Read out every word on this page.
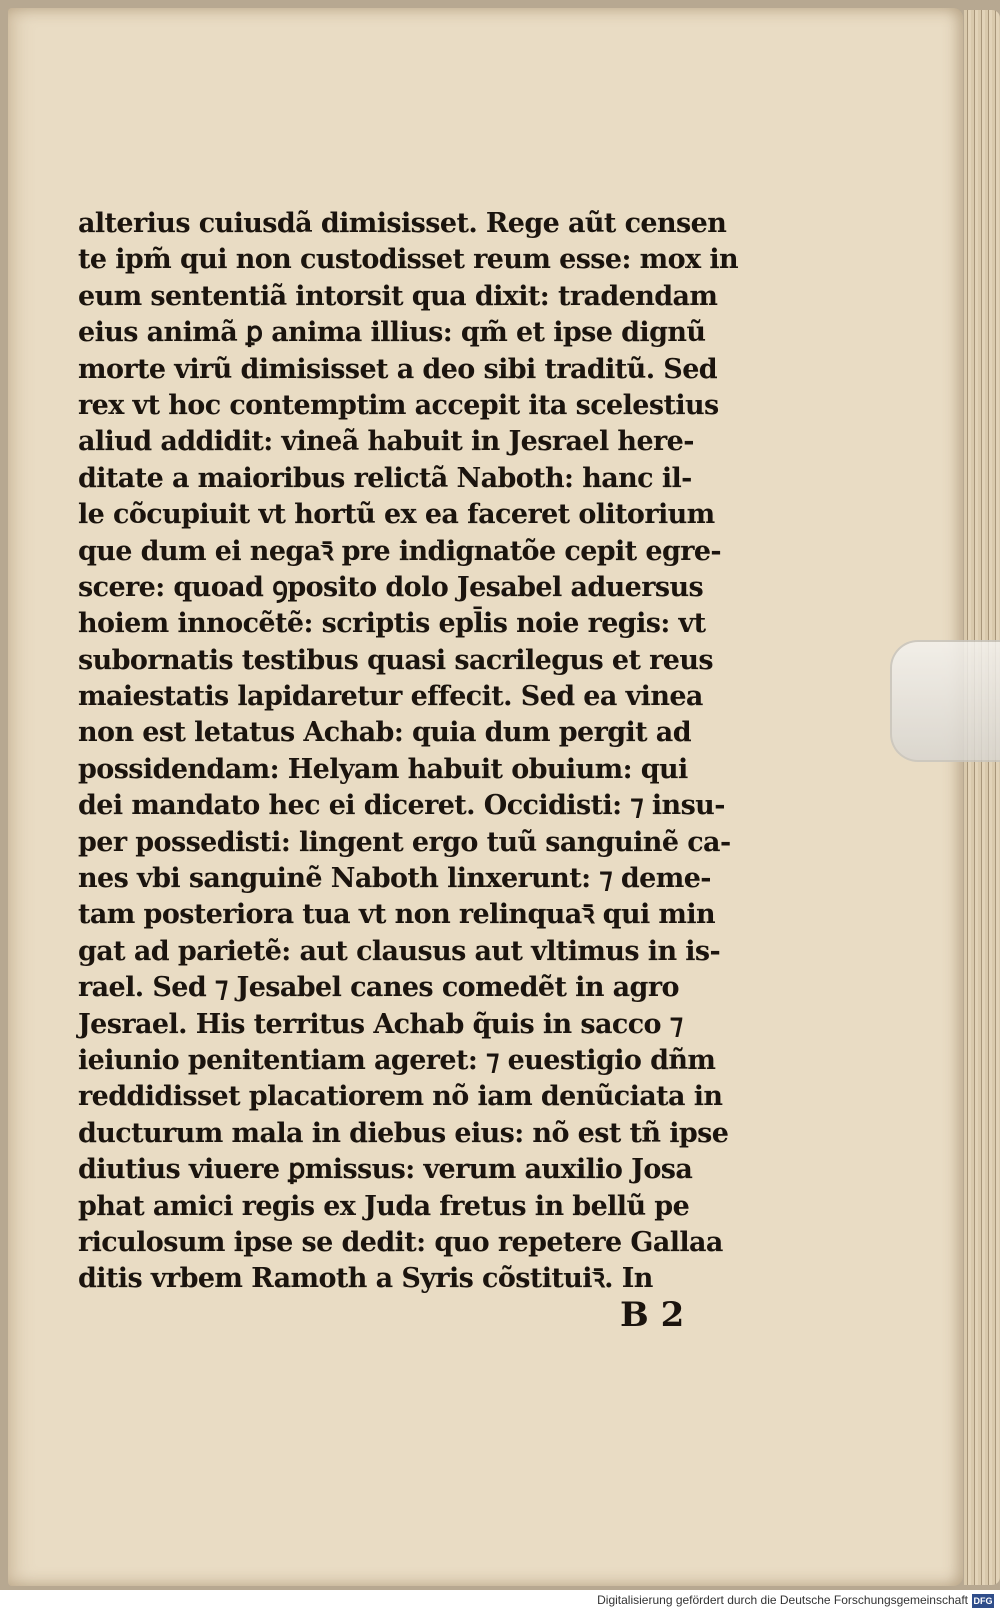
alterius cuiusdã dimisisset. Rege aũt censen
te ipm̃ qui non custodisset reum esse: mox in
eum sententiã intorsit qua dixit: tradendam
eius animã ꝑ anima illius: qm̃ et ipse dignũ
morte virũ dimisisset a deo sibi traditũ. Sed
rex vt hoc contemptim accepit ita scelestius
aliud addidit: vineã habuit in Jesrael here‑
ditate a maioribus relictã Naboth: hanc il‑
le cõcupiuit vt hortũ ex ea faceret olitorium
que dum ei negaꝛ̄ pre indignatõe cepit egre‑
scere: quoad ꝯposito dolo Jesabel aduersus
hoiem innocẽtẽ: scriptis epl̄is noie regis: vt
subornatis testibus quasi sacrilegus et reus
maiestatis lapidaretur effecit. Sed ea vinea
non est letatus Achab: quia dum pergit ad
possidendam: Helyam habuit obuium: qui
dei mandato hec ei diceret. Occidisti: ⁊ insu‑
per possedisti: lingent ergo tuũ sanguinẽ ca‑
nes vbi sanguinẽ Naboth linxerunt: ⁊ deme‑
tam posteriora tua vt non relinquaꝛ̄ qui min
gat ad parietẽ: aut clausus aut vltimus in is‑
rael. Sed ⁊ Jesabel canes comedẽt in agro
Jesrael. His territus Achab q̃uis in sacco ⁊
ieiunio penitentiam ageret: ⁊ euestigio dñm
reddidisset placatiorem nõ iam denũciata in
ducturum mala in diebus eius: nõ est tñ ipse
diutius viuere ꝑmissus: verum auxilio Josa
phat amici regis ex Juda fretus in bellũ pe
riculosum ipse se dedit: quo repetere Gallaa
ditis vrbem Ramoth a Syris cõstituiꝛ̄. In
B 2
Digitalisierung gefördert durch die Deutsche Forschungsgemeinschaft DFG
